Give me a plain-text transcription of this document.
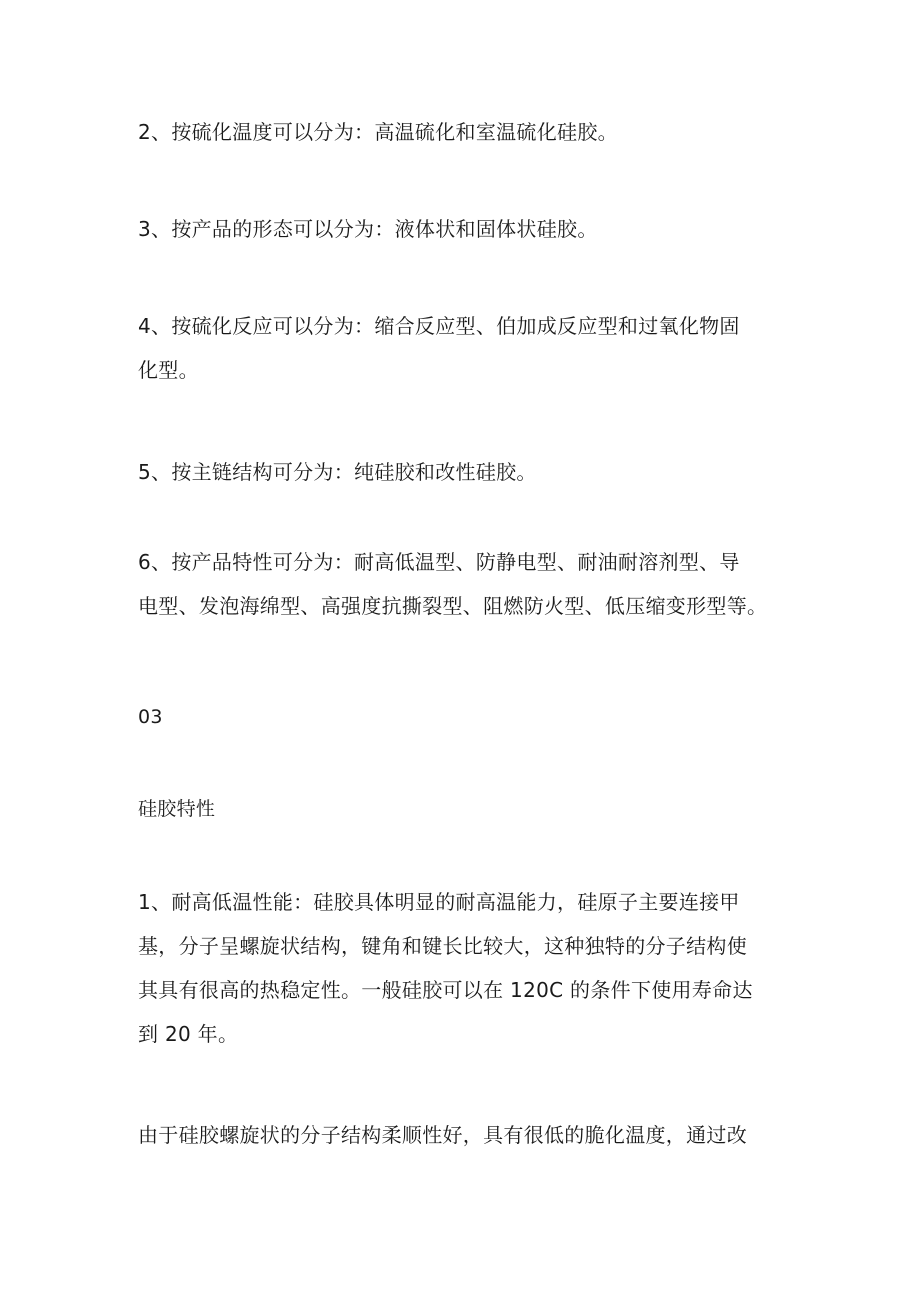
2、按硫化温度可以分为：高温硫化和室温硫化硅胶。

3、按产品的形态可以分为：液体状和固体状硅胶。

4、按硫化反应可以分为：缩合反应型、伯加成反应型和过氧化物固
化型。

5、按主链结构可分为：纯硅胶和改性硅胶。

6、按产品特性可分为：耐高低温型、防静电型、耐油耐溶剂型、导
电型、发泡海绵型、高强度抗撕裂型、阻燃防火型、低压缩变形型等。

03

硅胶特性

1、耐高低温性能：硅胶具体明显的耐高温能力，硅原子主要连接甲
基，分子呈螺旋状结构，键角和键长比较大，这种独特的分子结构使
其具有很高的热稳定性。一般硅胶可以在 120C 的条件下使用寿命达
到 20 年。

由于硅胶螺旋状的分子结构柔顺性好，具有很低的脆化温度，通过改
